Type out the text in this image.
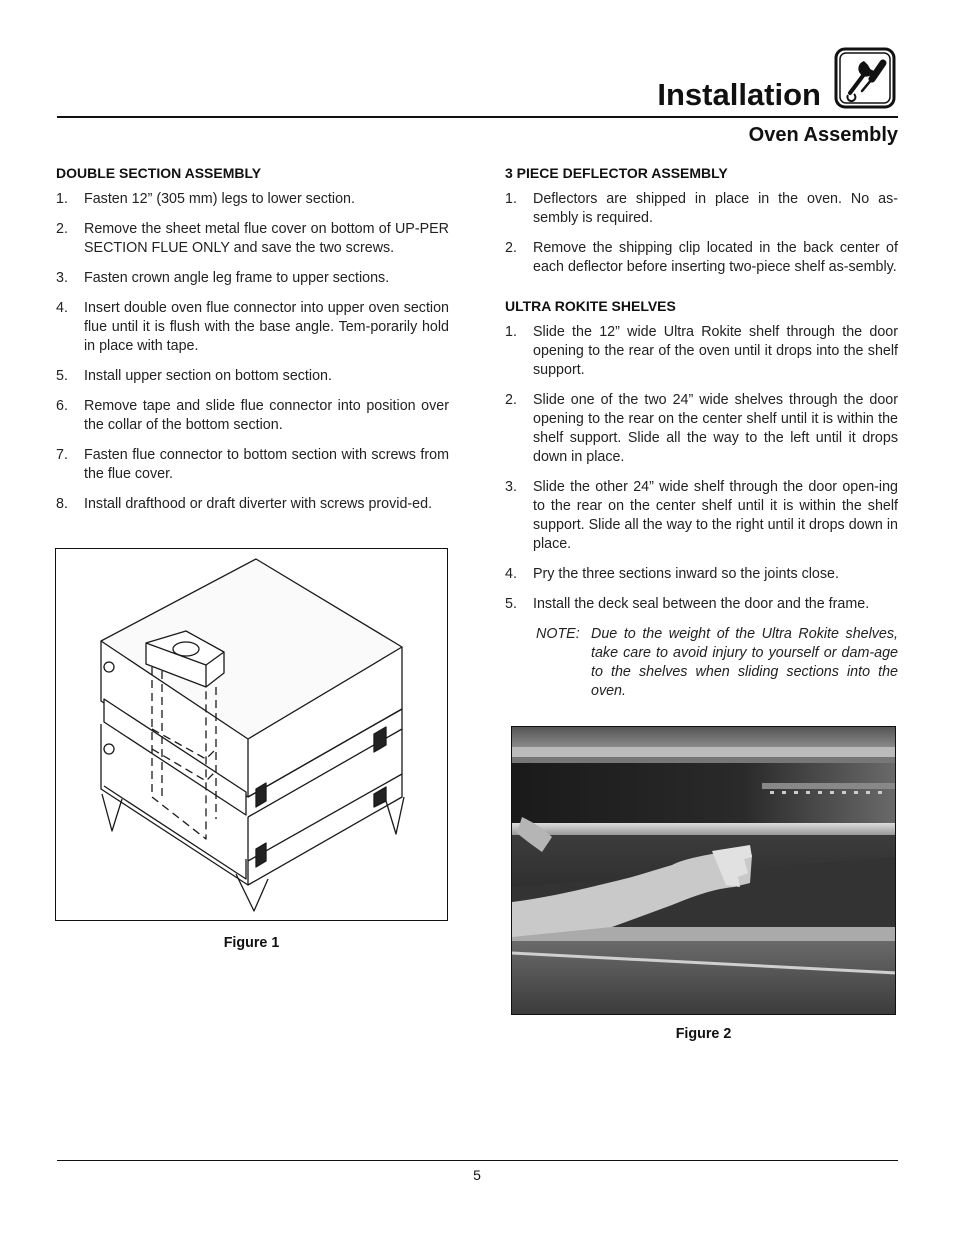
Installation
Oven Assembly
DOUBLE SECTION ASSEMBLY
1. Fasten 12” (305 mm) legs to lower section.
2. Remove the sheet metal flue cover on bottom of UP-PER SECTION FLUE ONLY and save the two screws.
3. Fasten crown angle leg frame to upper sections.
4. Insert double oven flue connector into upper oven section flue until it is flush with the base angle. Tem-porarily hold in place with tape.
5. Install upper section on bottom section.
6. Remove tape and slide flue connector into position over the collar of the bottom section.
7. Fasten flue connector to bottom section with screws from the flue cover.
8. Install drafthood or draft diverter with screws provid-ed.
Figure 1
3 PIECE DEFLECTOR ASSEMBLY
1. Deflectors are shipped in place in the oven. No as-sembly is required.
2. Remove the shipping clip located in the back center of each deflector before inserting two-piece shelf as-sembly.
ULTRA ROKITE SHELVES
1. Slide the 12” wide Ultra Rokite shelf through the door opening to the rear of the oven until it drops into the shelf support.
2. Slide one of the two 24” wide shelves through the door opening to the rear on the center shelf until it is within the shelf support. Slide all the way to the left until it drops down in place.
3. Slide the other 24” wide shelf through the door open-ing to the rear on the center shelf until it is within the shelf support. Slide all the way to the right until it drops down in place.
4. Pry the three sections inward so the joints close.
5. Install the deck seal between the door and the frame.
NOTE: Due to the weight of the Ultra Rokite shelves, take care to avoid injury to yourself or dam-age to the shelves when sliding sections into the oven.
Figure 2
5
